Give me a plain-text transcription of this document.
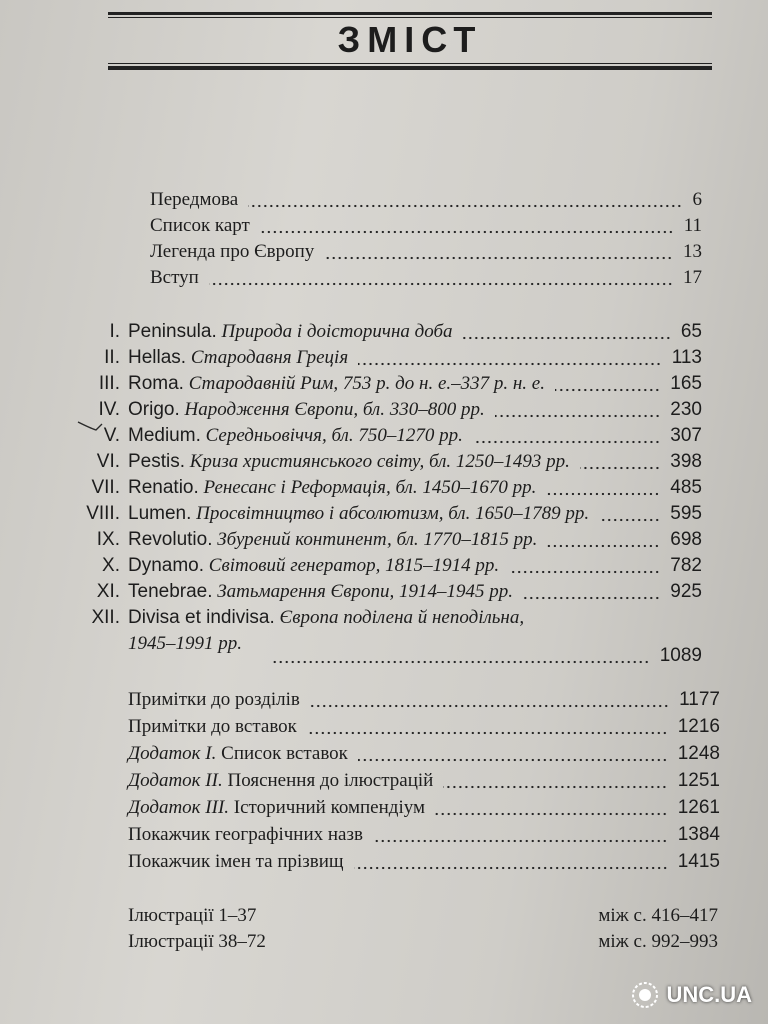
ЗМІСТ
Передмова	6
Список карт	11
Легенда про Європу	13
Вступ	17
I. Peninsula. Природа і доісторична доба	65
II. Hellas. Стародавня Греція	113
III. Roma. Стародавній Рим, 753 р. до н. е.–337 р. н. е.	165
IV. Origo. Народження Європи, бл. 330–800 рр.	230
V. Medium. Середньовіччя, бл. 750–1270 рр.	307
VI. Pestis. Криза християнського світу, бл. 1250–1493 рр.	398
VII. Renatio. Ренесанс і Реформація, бл. 1450–1670 рр.	485
VIII. Lumen. Просвітництво і абсолютизм, бл. 1650–1789 рр.	595
IX. Revolutio. Збурений континент, бл. 1770–1815 рр.	698
X. Dynamo. Світовий генератор, 1815–1914 рр.	782
XI. Tenebrae. Затьмарення Європи, 1914–1945 рр.	925
XII. Divisa et indivisa. Європа поділена й неподільна,
1945–1991 рр.
1089
Примітки до розділів	1177
Примітки до вставок	1216
Додаток I. Список вставок	1248
Додаток II. Пояснення до ілюстрацій	1251
Додаток III. Історичний компендіум	1261
Покажчик географічних назв	1384
Покажчик імен та прізвищ	1415
Ілюстрації 1–37	між с. 416–417
Ілюстрації 38–72	між с. 992–993
UNC.UA
